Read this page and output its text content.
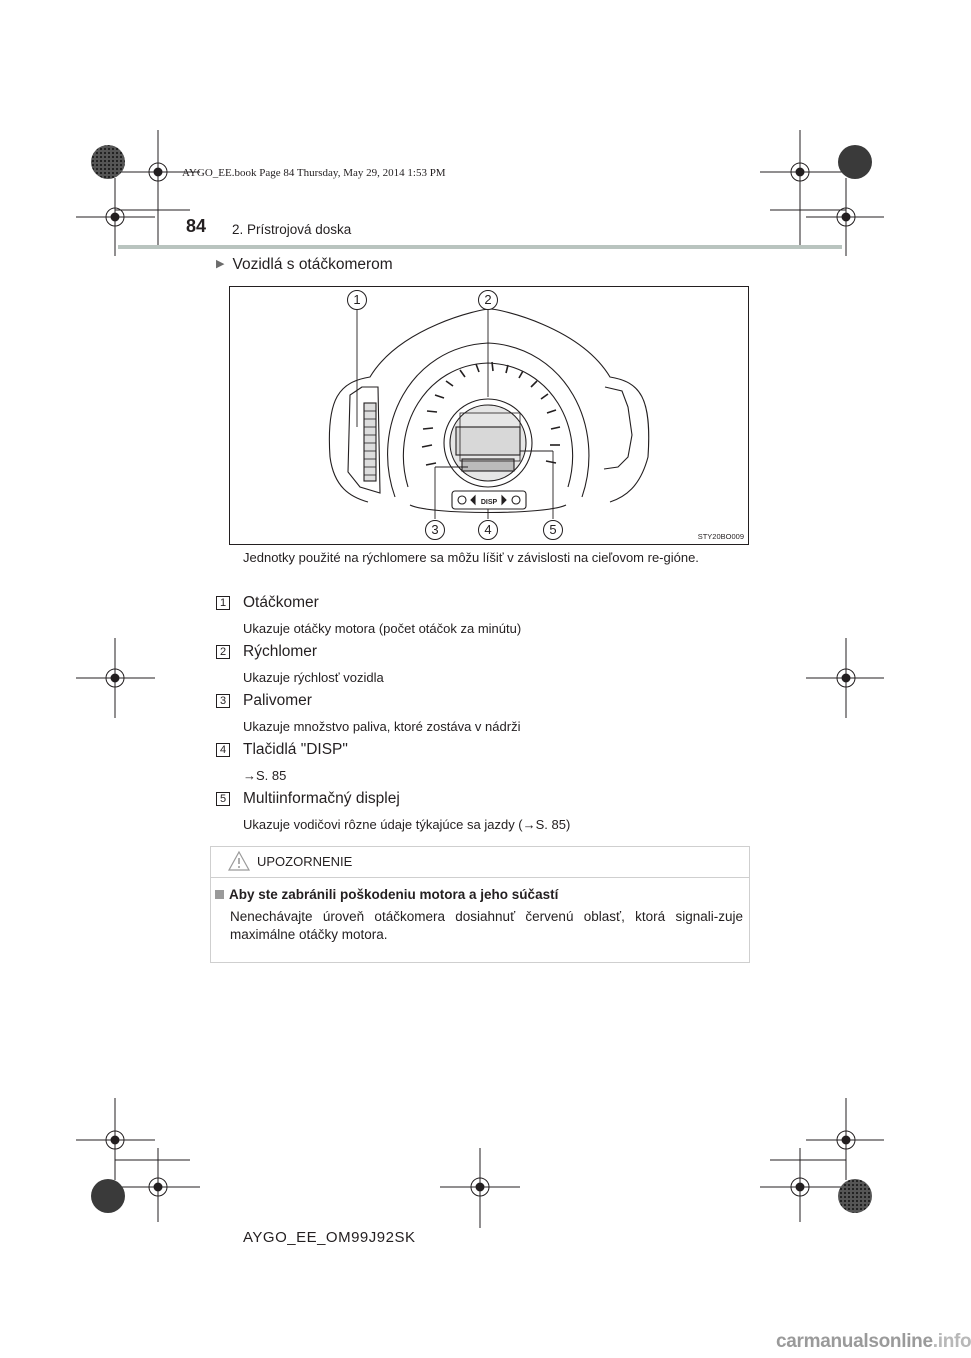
AYGO_EE.book Page 84 Thursday, May 29, 2014 1:53 PM
84 2. Prístrojová doska
▶ Vozidlá s otáčkomerom
DISP
1	2
3	4	5	STY20BO009
Jednotky použité na rýchlomere sa môžu líšiť v závislosti na cieľovom re-gióne.
1 Otáčkomer
Ukazuje otáčky motora (počet otáčok za minútu)
2 Rýchlomer
Ukazuje rýchlosť vozidla
3 Palivomer
Ukazuje množstvo paliva, ktoré zostáva v nádrži
4 Tlačidlá "DISP"
→S. 85
5 Multiinformačný displej
Ukazuje vodičovi rôzne údaje týkajúce sa jazdy (→S. 85)
UPOZORNENIE
Aby ste zabránili poškodeniu motora a jeho súčastí
Nenechávajte úroveň otáčkomera dosiahnuť červenú oblasť, ktorá signali-zuje maximálne otáčky motora.
AYGO_EE_OM99J92SK
carmanualsonline.info
